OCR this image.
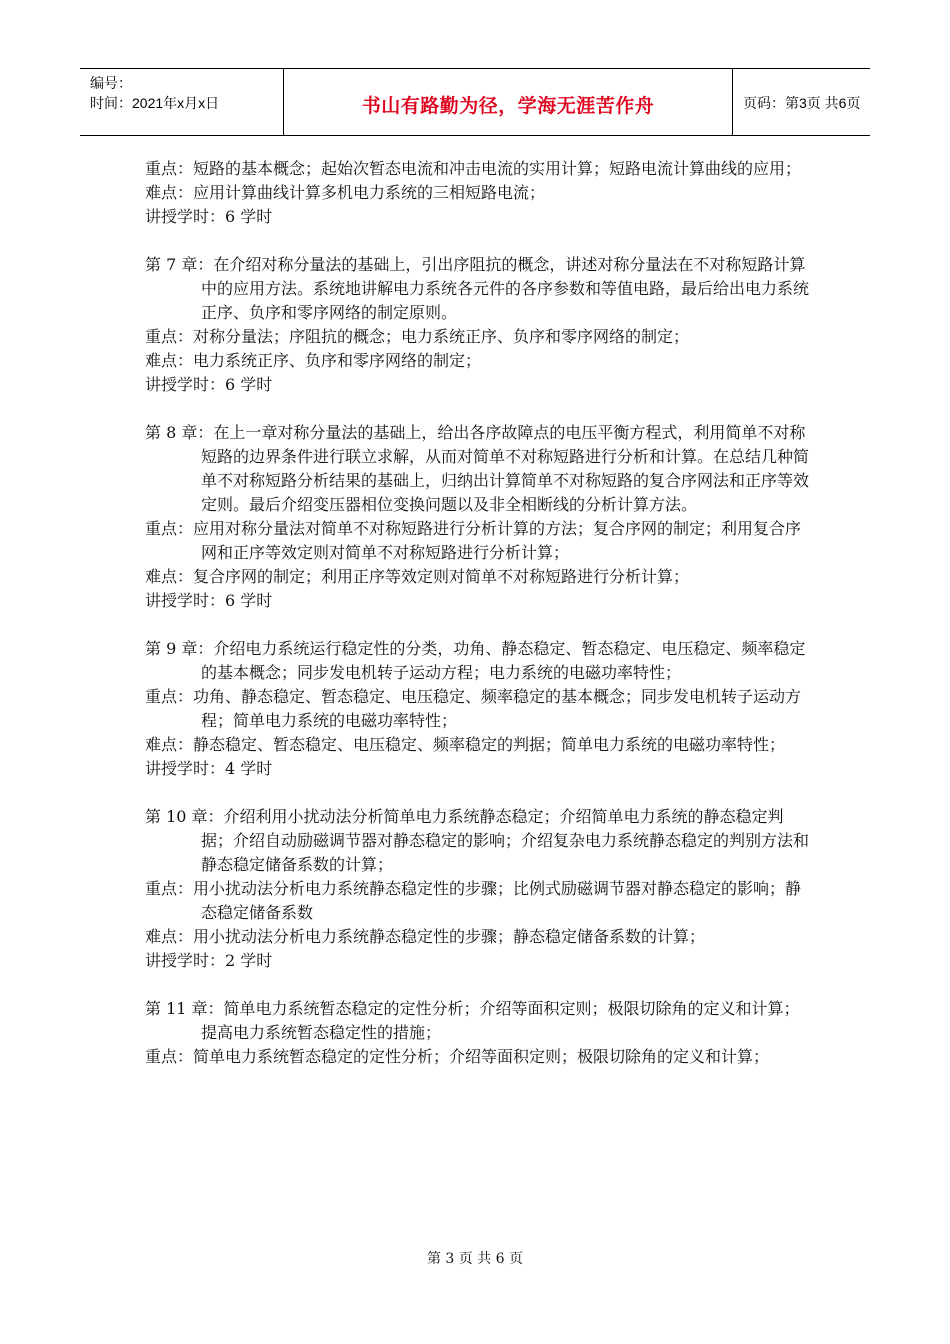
编号：
时间：2021年x月x日	书山有路勤为径，学海无涯苦作舟	页码：第3页 共6页

重点：短路的基本概念；起始次暂态电流和冲击电流的实用计算；短路电流计算曲线的应用；

难点：应用计算曲线计算多机电力系统的三相短路电流；

讲授学时：6 学时

第 7 章：在介绍对称分量法的基础上，引出序阻抗的概念，讲述对称分量法在不对称短路计算中的应用方法。系统地讲解电力系统各元件的各序参数和等值电路，最后给出电力系统正序、负序和零序网络的制定原则。

重点：对称分量法；序阻抗的概念；电力系统正序、负序和零序网络的制定；

难点：电力系统正序、负序和零序网络的制定；

讲授学时：6 学时

第 8 章：在上一章对称分量法的基础上，给出各序故障点的电压平衡方程式，利用简单不对称短路的边界条件进行联立求解，从而对简单不对称短路进行分析和计算。在总结几种简单不对称短路分析结果的基础上，归纳出计算简单不对称短路的复合序网法和正序等效定则。最后介绍变压器相位变换问题以及非全相断线的分析计算方法。

重点：应用对称分量法对简单不对称短路进行分析计算的方法；复合序网的制定；利用复合序网和正序等效定则对简单不对称短路进行分析计算；

难点：复合序网的制定；利用正序等效定则对简单不对称短路进行分析计算；

讲授学时：6 学时

第 9 章：介绍电力系统运行稳定性的分类，功角、静态稳定、暂态稳定、电压稳定、频率稳定的基本概念；同步发电机转子运动方程；电力系统的电磁功率特性；

重点：功角、静态稳定、暂态稳定、电压稳定、频率稳定的基本概念；同步发电机转子运动方程；简单电力系统的电磁功率特性；

难点：静态稳定、暂态稳定、电压稳定、频率稳定的判据；简单电力系统的电磁功率特性；

讲授学时：4 学时

第 10 章：介绍利用小扰动法分析简单电力系统静态稳定；介绍简单电力系统的静态稳定判据；介绍自动励磁调节器对静态稳定的影响；介绍复杂电力系统静态稳定的判别方法和静态稳定储备系数的计算；

重点：用小扰动法分析电力系统静态稳定性的步骤；比例式励磁调节器对静态稳定的影响；静态稳定储备系数

难点：用小扰动法分析电力系统静态稳定性的步骤；静态稳定储备系数的计算；

讲授学时：2 学时

第 11 章：简单电力系统暂态稳定的定性分析；介绍等面积定则；极限切除角的定义和计算；提高电力系统暂态稳定性的措施；

重点：简单电力系统暂态稳定的定性分析；介绍等面积定则；极限切除角的定义和计算；

第 3 页 共 6 页
